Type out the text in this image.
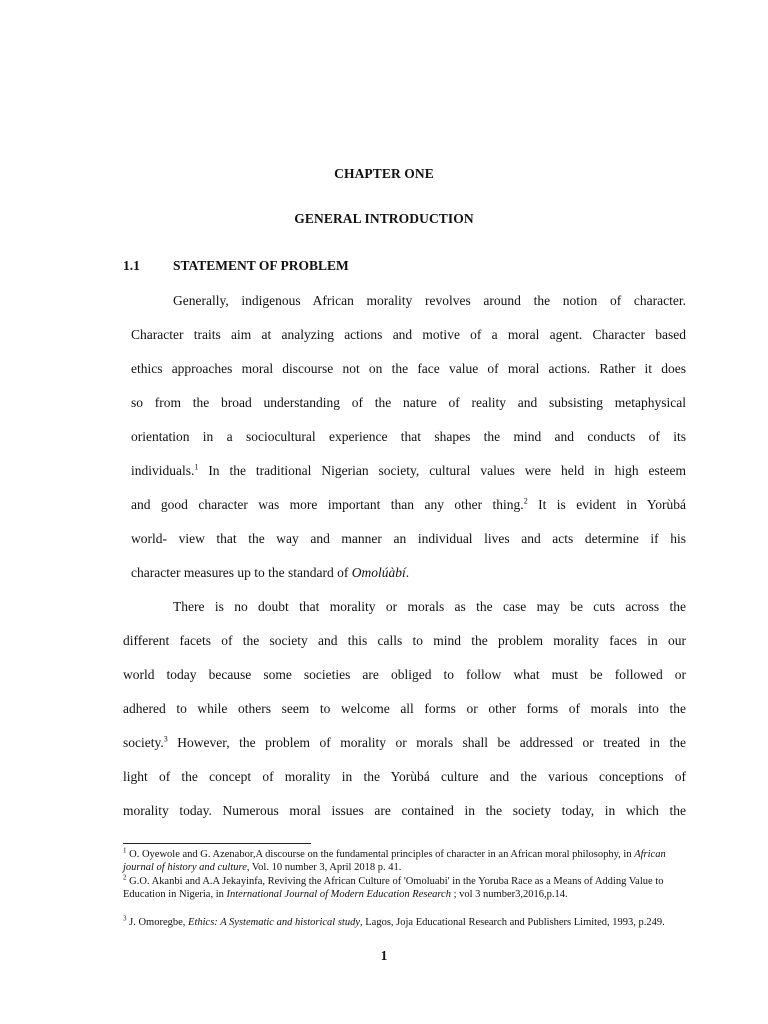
CHAPTER ONE
GENERAL INTRODUCTION
1.1 STATEMENT OF PROBLEM
Generally, indigenous African morality revolves around the notion of character.
Character traits aim at analyzing actions and motive of a moral agent. Character based
ethics approaches moral discourse not on the face value of moral actions. Rather it does
so from the broad understanding of the nature of reality and subsisting metaphysical
orientation in a sociocultural experience that shapes the mind and conducts of its
individuals.$^1$ In the traditional Nigerian society, cultural values were held in high esteem
and good character was more important than any other thing.$^2$ It is evident in Yorùbá
world- view that the way and manner an individual lives and acts determine if his
character measures up to the standard of Omolúàbí.
There is no doubt that morality or morals as the case may be cuts across the
different facets of the society and this calls to mind the problem morality faces in our
world today because some societies are obliged to follow what must be followed or
adhered to while others seem to welcome all forms or other forms of morals into the
society.$^3$ However, the problem of morality or morals shall be addressed or treated in the
light of the concept of morality in the Yorùbá culture and the various conceptions of
morality today. Numerous moral issues are contained in the society today, in which the
$^1$ O. Oyewole and G. Azenabor,A discourse on the fundamental principles of character in an African moral philosophy, in African journal of history and culture, Vol. 10 number 3, April 2018 p. 41.
$^2$ G.O. Akanbi and A.A Jekayinfa, Reviving the African Culture of 'Omoluabi' in the Yoruba Race as a Means of Adding Value to Education in Nigeria, in International Journal of Modern Education Research ; vol 3 number3,2016,p.14.
$^3$ J. Omoregbe, Ethics: A Systematic and historical study, Lagos, Joja Educational Research and Publishers Limited, 1993, p.249.
1
